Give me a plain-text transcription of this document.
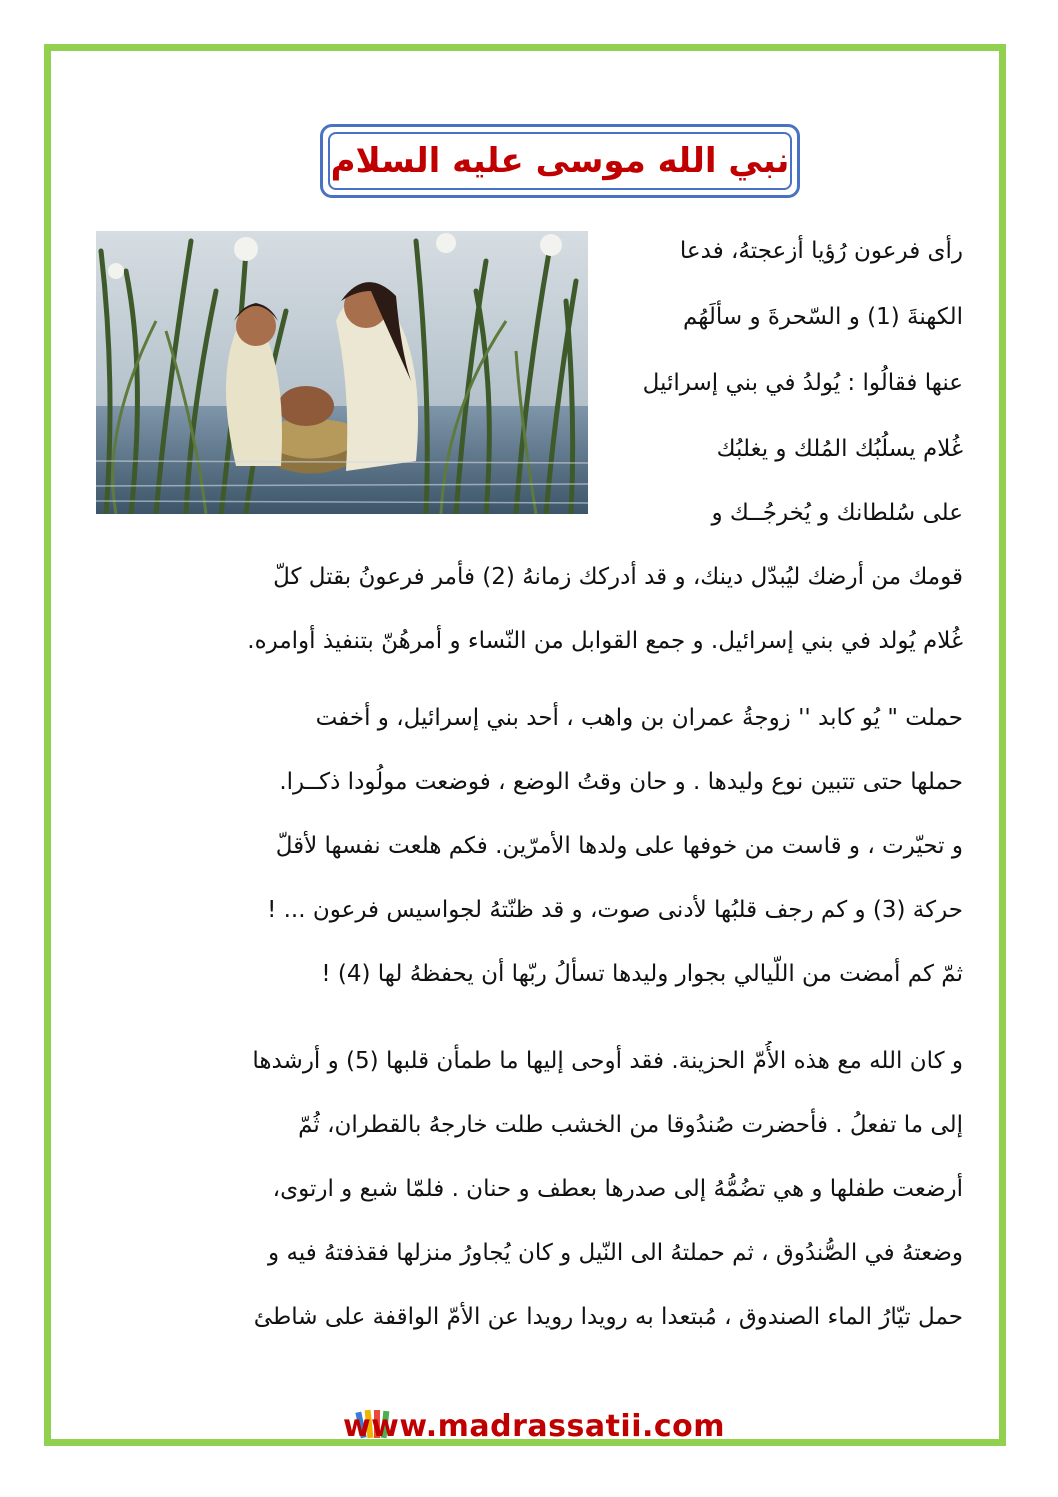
نبي الله موسى عليه السلام
رأى فرعون رُؤيا أزعجتهُ، فدعا
الكهنةَ (1) و السّحرةَ و سألَهُم
عنها فقالُوا : يُولدُ في بني إسرائيل
غُلام يسلُبُك المُلك و يغلبُك
على سُلطانك و يُخرجُــك و
قومك من أرضك ليُبدّل دينك، و قد أدركك زمانهُ (2) فأمر فرعونُ بقتل كلّ
غُلام يُولد في بني إسرائيل. و جمع القوابل من النّساء و أمرهُنّ بتنفيذ أوامره.
حملت " يُو كابد '' زوجةُ عمران بن واهب ، أحد بني إسرائيل، و أخفت
حملها حتى تتبين نوع وليدها . و حان وقتُ الوضع ، فوضعت مولُودا ذكــرا.
و تحيّرت ، و قاست من خوفها على ولدها الأمرّين. فكم هلعت نفسها لأقلّ
حركة (3) و كم رجف قلبُها لأدنى صوت، و قد ظنّتهُ لجواسيس فرعون ... !
ثمّ كم أمضت من اللّيالي بجوار وليدها تسألُ ربّها أن يحفظهُ لها (4) !
و كان الله مع هذه الأُمّ الحزينة. فقد أوحى إليها ما طمأن قلبها (5) و أرشدها
إلى ما تفعلُ . فأحضرت صُندُوقا من الخشب طلت خارجهُ بالقطران، ثُمّ
أرضعت طفلها و هي تضُمُّهُ إلى صدرها بعطف و حنان . فلمّا شبع و ارتوى،
وضعتهُ في الصُّندُوق ، ثم حملتهُ الى النّيل و كان يُجاورُ منزلها فقذفتهُ فيه و
حمل تيّارُ الماء الصندوق ، مُبتعدا به رويدا رويدا عن الأمّ الواقفة على شاطئ
www.madrassatii.com
